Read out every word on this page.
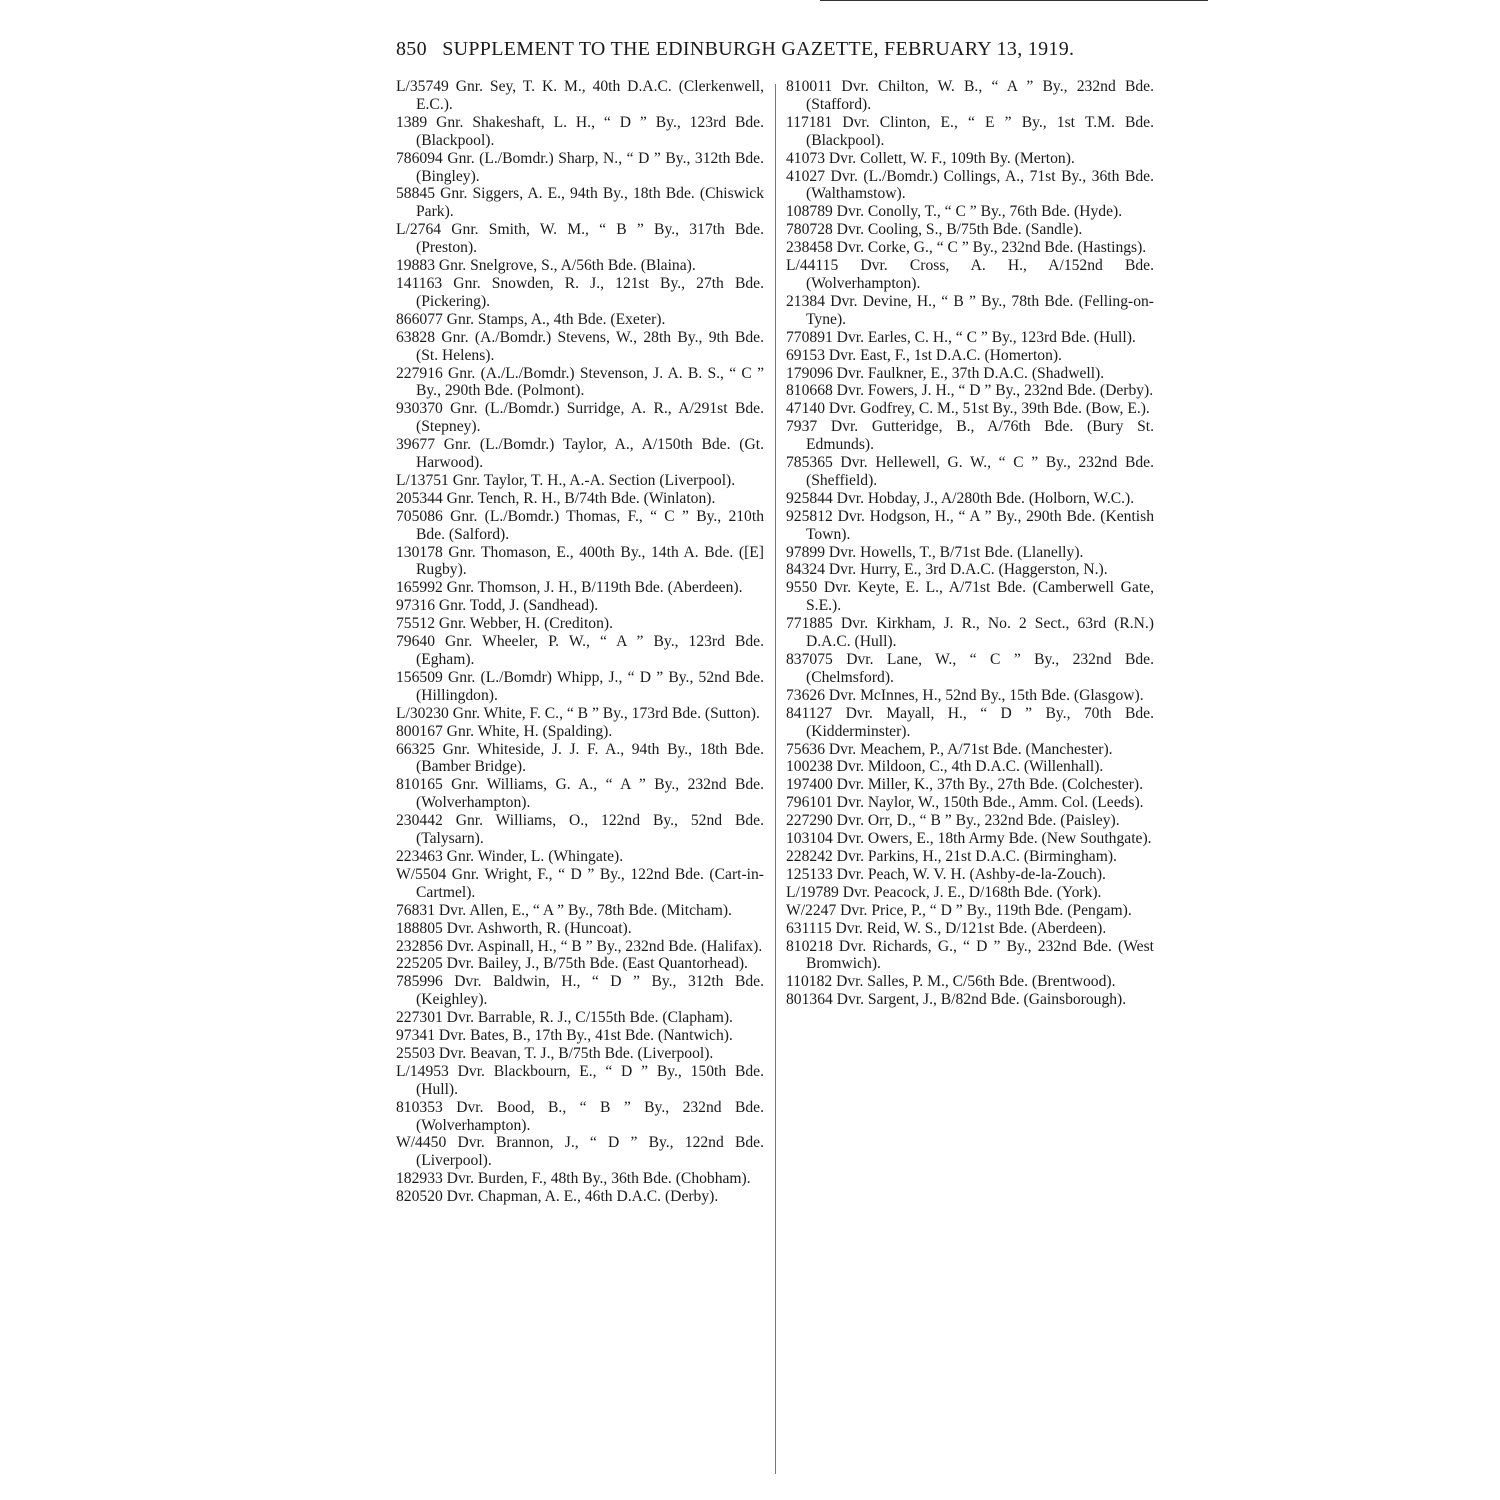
850 SUPPLEMENT TO THE EDINBURGH GAZETTE, FEBRUARY 13, 1919.

L/35749 Gnr. Sey, T. K. M., 40th D.A.C. (Clerkenwell, E.C.).

1389 Gnr. Shakeshaft, L. H., “ D ” By., 123rd Bde. (Blackpool).

786094 Gnr. (L./Bomdr.) Sharp, N., “ D ” By., 312th Bde. (Bingley).

58845 Gnr. Siggers, A. E., 94th By., 18th Bde. (Chiswick Park).

L/2764 Gnr. Smith, W. M., “ B ” By., 317th Bde. (Preston).

19883 Gnr. Snelgrove, S., A/56th Bde. (Blaina).

141163 Gnr. Snowden, R. J., 121st By., 27th Bde. (Pickering).

866077 Gnr. Stamps, A., 4th Bde. (Exeter).

63828 Gnr. (A./Bomdr.) Stevens, W., 28th By., 9th Bde. (St. Helens).

227916 Gnr. (A./L./Bomdr.) Stevenson, J. A. B. S., “ C ” By., 290th Bde. (Polmont).

930370 Gnr. (L./Bomdr.) Surridge, A. R., A/291st Bde. (Stepney).

39677 Gnr. (L./Bomdr.) Taylor, A., A/150th Bde. (Gt. Harwood).

L/13751 Gnr. Taylor, T. H., A.-A. Section (Liverpool).

205344 Gnr. Tench, R. H., B/74th Bde. (Winlaton).

705086 Gnr. (L./Bomdr.) Thomas, F., “ C ” By., 210th Bde. (Salford).

130178 Gnr. Thomason, E., 400th By., 14th A. Bde. ([E] Rugby).

165992 Gnr. Thomson, J. H., B/119th Bde. (Aberdeen).

97316 Gnr. Todd, J. (Sandhead).

75512 Gnr. Webber, H. (Crediton).

79640 Gnr. Wheeler, P. W., “ A ” By., 123rd Bde. (Egham).

156509 Gnr. (L./Bomdr) Whipp, J., “ D ” By., 52nd Bde. (Hillingdon).

L/30230 Gnr. White, F. C., “ B ” By., 173rd Bde. (Sutton).

800167 Gnr. White, H. (Spalding).

66325 Gnr. Whiteside, J. J. F. A., 94th By., 18th Bde. (Bamber Bridge).

810165 Gnr. Williams, G. A., “ A ” By., 232nd Bde. (Wolverhampton).

230442 Gnr. Williams, O., 122nd By., 52nd Bde. (Talysarn).

223463 Gnr. Winder, L. (Whingate).

W/5504 Gnr. Wright, F., “ D ” By., 122nd Bde. (Cart-in-Cartmel).

76831 Dvr. Allen, E., “ A ” By., 78th Bde. (Mitcham).

188805 Dvr. Ashworth, R. (Huncoat).

232856 Dvr. Aspinall, H., “ B ” By., 232nd Bde. (Halifax).

225205 Dvr. Bailey, J., B/75th Bde. (East Quantorhead).

785996 Dvr. Baldwin, H., “ D ” By., 312th Bde. (Keighley).

227301 Dvr. Barrable, R. J., C/155th Bde. (Clapham).

97341 Dvr. Bates, B., 17th By., 41st Bde. (Nantwich).

25503 Dvr. Beavan, T. J., B/75th Bde. (Liverpool).

L/14953 Dvr. Blackbourn, E., “ D ” By., 150th Bde. (Hull).

810353 Dvr. Bood, B., “ B ” By., 232nd Bde. (Wolverhampton).

W/4450 Dvr. Brannon, J., “ D ” By., 122nd Bde. (Liverpool).

182933 Dvr. Burden, F., 48th By., 36th Bde. (Chobham).

820520 Dvr. Chapman, A. E., 46th D.A.C. (Derby).

810011 Dvr. Chilton, W. B., “ A ” By., 232nd Bde. (Stafford).

117181 Dvr. Clinton, E., “ E ” By., 1st T.M. Bde. (Blackpool).

41073 Dvr. Collett, W. F., 109th By. (Merton).

41027 Dvr. (L./Bomdr.) Collings, A., 71st By., 36th Bde. (Walthamstow).

108789 Dvr. Conolly, T., “ C ” By., 76th Bde. (Hyde).

780728 Dvr. Cooling, S., B/75th Bde. (Sandle).

238458 Dvr. Corke, G., “ C ” By., 232nd Bde. (Hastings).

L/44115 Dvr. Cross, A. H., A/152nd Bde. (Wolverhampton).

21384 Dvr. Devine, H., “ B ” By., 78th Bde. (Felling-on-Tyne).

770891 Dvr. Earles, C. H., “ C ” By., 123rd Bde. (Hull).

69153 Dvr. East, F., 1st D.A.C. (Homerton).

179096 Dvr. Faulkner, E., 37th D.A.C. (Shadwell).

810668 Dvr. Fowers, J. H., “ D ” By., 232nd Bde. (Derby).

47140 Dvr. Godfrey, C. M., 51st By., 39th Bde. (Bow, E.).

7937 Dvr. Gutteridge, B., A/76th Bde. (Bury St. Edmunds).

785365 Dvr. Hellewell, G. W., “ C ” By., 232nd Bde. (Sheffield).

925844 Dvr. Hobday, J., A/280th Bde. (Holborn, W.C.).

925812 Dvr. Hodgson, H., “ A ” By., 290th Bde. (Kentish Town).

97899 Dvr. Howells, T., B/71st Bde. (Llanelly).

84324 Dvr. Hurry, E., 3rd D.A.C. (Haggerston, N.).

9550 Dvr. Keyte, E. L., A/71st Bde. (Camberwell Gate, S.E.).

771885 Dvr. Kirkham, J. R., No. 2 Sect., 63rd (R.N.) D.A.C. (Hull).

837075 Dvr. Lane, W., “ C ” By., 232nd Bde. (Chelmsford).

73626 Dvr. McInnes, H., 52nd By., 15th Bde. (Glasgow).

841127 Dvr. Mayall, H., “ D ” By., 70th Bde. (Kidderminster).

75636 Dvr. Meachem, P., A/71st Bde. (Manchester).

100238 Dvr. Mildoon, C., 4th D.A.C. (Willenhall).

197400 Dvr. Miller, K., 37th By., 27th Bde. (Colchester).

796101 Dvr. Naylor, W., 150th Bde., Amm. Col. (Leeds).

227290 Dvr. Orr, D., “ B ” By., 232nd Bde. (Paisley).

103104 Dvr. Owers, E., 18th Army Bde. (New Southgate).

228242 Dvr. Parkins, H., 21st D.A.C. (Birmingham).

125133 Dvr. Peach, W. V. H. (Ashby-de-la-Zouch).

L/19789 Dvr. Peacock, J. E., D/168th Bde. (York).

W/2247 Dvr. Price, P., “ D ” By., 119th Bde. (Pengam).

631115 Dvr. Reid, W. S., D/121st Bde. (Aberdeen).

810218 Dvr. Richards, G., “ D ” By., 232nd Bde. (West Bromwich).

110182 Dvr. Salles, P. M., C/56th Bde. (Brentwood).

801364 Dvr. Sargent, J., B/82nd Bde. (Gainsborough).
